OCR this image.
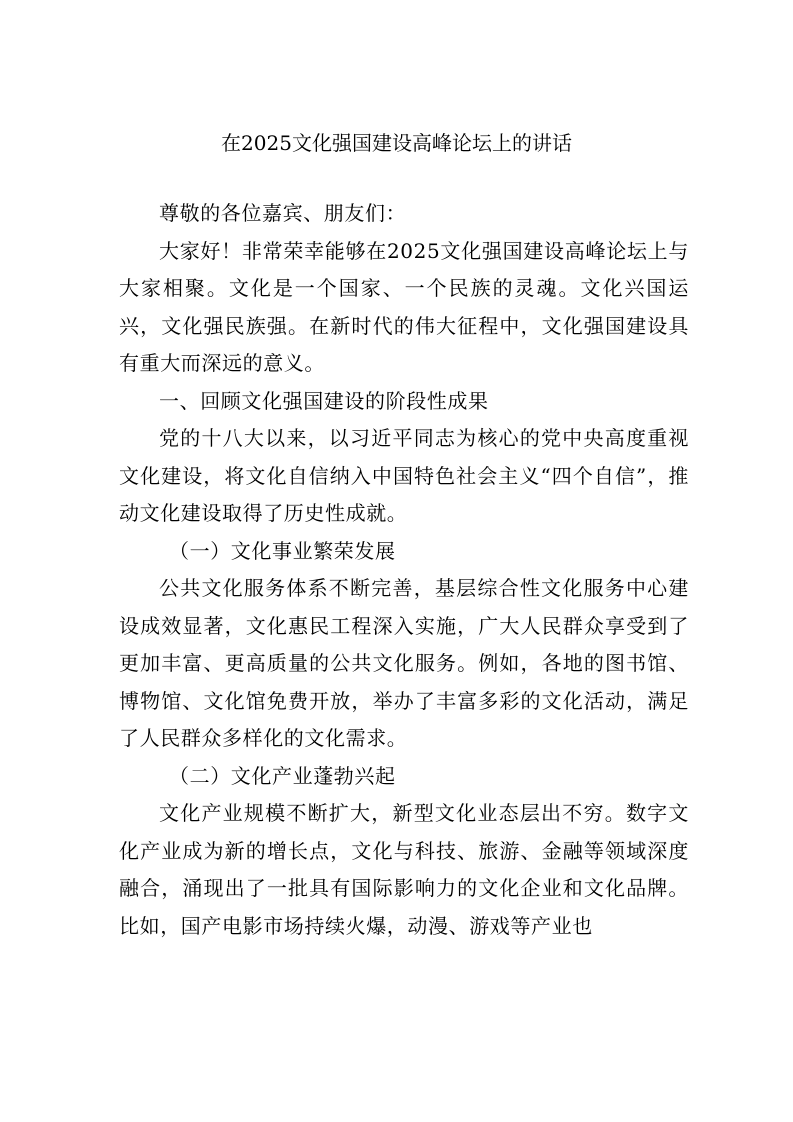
在2025文化强国建设高峰论坛上的讲话

尊敬的各位嘉宾、朋友们：

大家好！非常荣幸能够在2025文化强国建设高峰论坛上与大家相聚。文化是一个国家、一个民族的灵魂。文化兴国运兴，文化强民族强。在新时代的伟大征程中，文化强国建设具有重大而深远的意义。

一、回顾文化强国建设的阶段性成果

党的十八大以来，以习近平同志为核心的党中央高度重视文化建设，将文化自信纳入中国特色社会主义“四个自信”，推动文化建设取得了历史性成就。

（一）文化事业繁荣发展

公共文化服务体系不断完善，基层综合性文化服务中心建设成效显著，文化惠民工程深入实施，广大人民群众享受到了更加丰富、更高质量的公共文化服务。例如，各地的图书馆、博物馆、文化馆免费开放，举办了丰富多彩的文化活动，满足了人民群众多样化的文化需求。

（二）文化产业蓬勃兴起

文化产业规模不断扩大，新型文化业态层出不穷。数字文化产业成为新的增长点，文化与科技、旅游、金融等领域深度融合，涌现出了一批具有国际影响力的文化企业和文化品牌。比如，国产电影市场持续火爆，动漫、游戏等产业也
